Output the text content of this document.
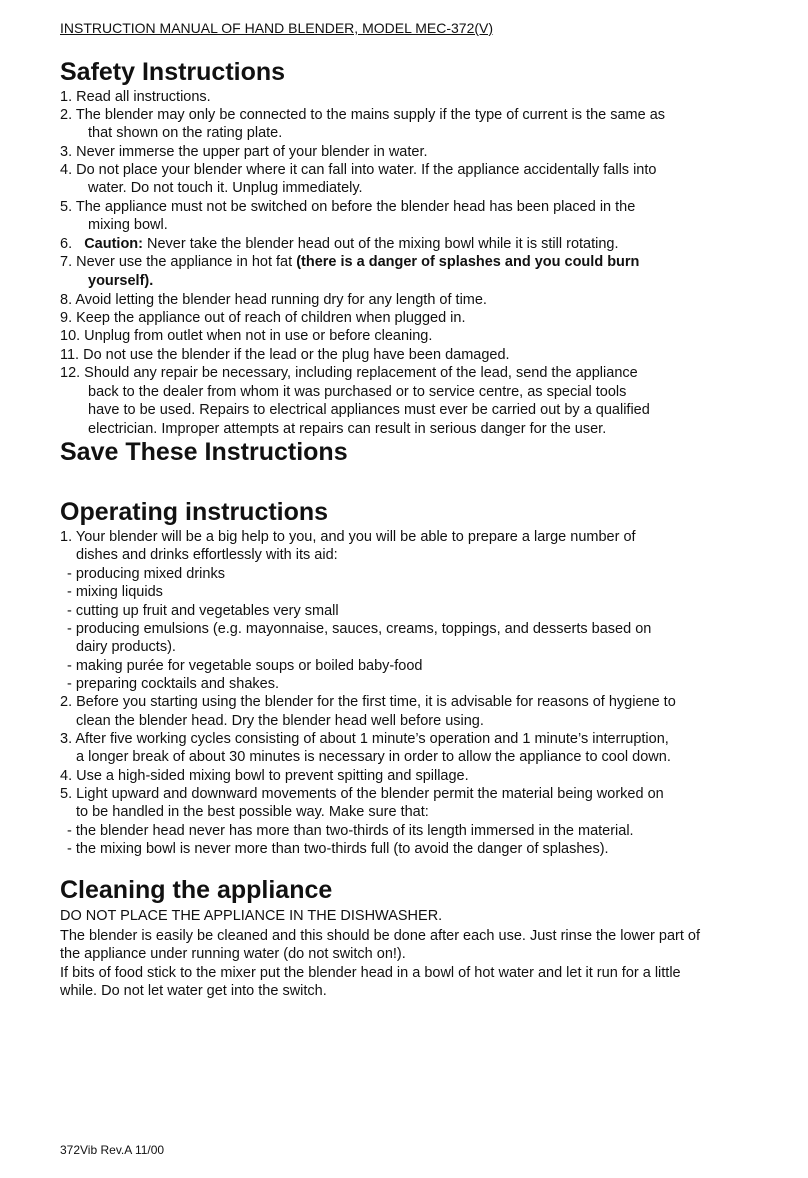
INSTRUCTION MANUAL OF HAND BLENDER, MODEL MEC-372(V)
Safety Instructions
1. Read all instructions.
2. The blender may only be connected to the mains supply if the type of current is the same as
that shown on the rating plate.
3. Never immerse the upper part of your blender in water.
4. Do not place your blender where it can fall into water. If the appliance accidentally falls into
water. Do not touch it. Unplug immediately.
5. The appliance must not be switched on before the blender head has been placed in the
mixing bowl.
6. Caution: Never take the blender head out of the mixing bowl while it is still rotating.
7. Never use the appliance in hot fat (there is a danger of splashes and you could burn
yourself).
8. Avoid letting the blender head running dry for any length of time.
9. Keep the appliance out of reach of children when plugged in.
10. Unplug from outlet when not in use or before cleaning.
11. Do not use the blender if the lead or the plug have been damaged.
12. Should any repair be necessary, including replacement of the lead, send the appliance
back to the dealer from whom it was purchased or to service centre, as special tools
have to be used. Repairs to electrical appliances must ever be carried out by a qualified
electrician. Improper attempts at repairs can result in serious danger for the user.
Save These Instructions
Operating instructions
1. Your blender will be a big help to you, and you will be able to prepare a large number of
dishes and drinks effortlessly with its aid:
- producing mixed drinks
- mixing liquids
- cutting up fruit and vegetables very small
- producing emulsions (e.g. mayonnaise, sauces, creams, toppings, and desserts based on
dairy products).
- making purée for vegetable soups or boiled baby-food
- preparing cocktails and shakes.
2. Before you starting using the blender for the first time, it is advisable for reasons of hygiene to
clean the blender head. Dry the blender head well before using.
3. After five working cycles consisting of about 1 minute’s operation and 1 minute’s interruption,
a longer break of about 30 minutes is necessary in order to allow the appliance to cool down.
4. Use a high-sided mixing bowl to prevent spitting and spillage.
5. Light upward and downward movements of the blender permit the material being worked on
to be handled in the best possible way. Make sure that:
- the blender head never has more than two-thirds of its length immersed in the material.
- the mixing bowl is never more than two-thirds full (to avoid the danger of splashes).
Cleaning the appliance
DO NOT PLACE THE APPLIANCE IN THE DISHWASHER.
The blender is easily be cleaned and this should be done after each use. Just rinse the lower part of
the appliance under running water (do not switch on!).
If bits of food stick to the mixer put the blender head in a bowl of hot water and let it run for a little
while. Do not let water get into the switch.
372Vib Rev.A 11/00
